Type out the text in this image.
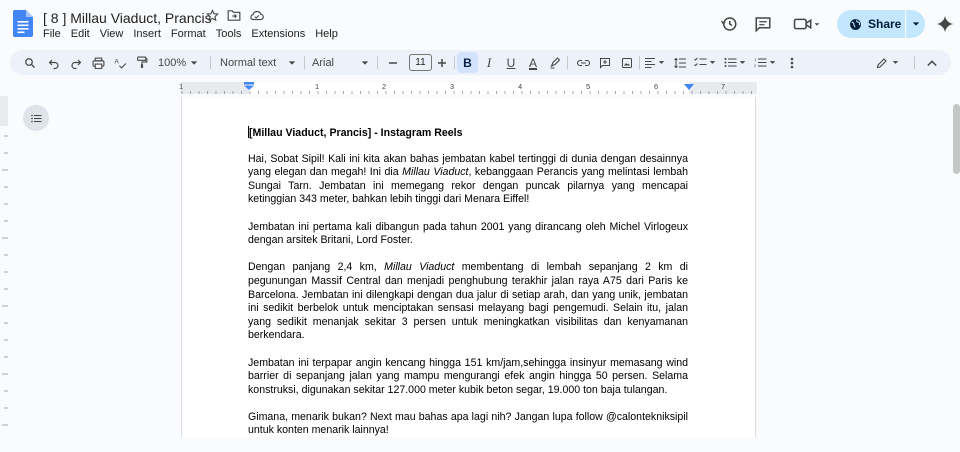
[ 8 ] Millau Viaduct, Prancis
File Edit View Insert Format Tools Extensions Help
Share
A	100%	Normal text	Arial	11	B	I	U	A	1
2
1	1	2	3	4	5	6	7

[Millau Viaduct, Prancis] - Instagram Reels

Hai, Sobat Sipil! Kali ini kita akan bahas jembatan kabel tertinggi di dunia dengan desainnya yang elegan dan megah! Ini dia Millau Viaduct, kebanggaan Perancis yang melintasi lembah Sungai Tarn. Jembatan ini memegang rekor dengan puncak pilarnya yang mencapai ketinggian 343 meter, bahkan lebih tinggi dari Menara Eiffel!

Jembatan ini pertama kali dibangun pada tahun 2001 yang dirancang oleh Michel Virlogeux dengan arsitek Britani, Lord Foster.

Dengan panjang 2,4 km, Millau Viaduct membentang di lembah sepanjang 2 km di pegunungan Massif Central dan menjadi penghubung terakhir jalan raya A75 dari Paris ke Barcelona. Jembatan ini dilengkapi dengan dua jalur di setiap arah, dan yang unik, jembatan ini sedikit berbelok untuk menciptakan sensasi melayang bagi pengemudi. Selain itu, jalan yang sedikit menanjak sekitar 3 persen untuk meningkatkan visibilitas dan kenyamanan berkendara.

Jembatan ini terpapar angin kencang hingga 151 km/jam,sehingga insinyur memasang wind barrier di sepanjang jalan yang mampu mengurangi efek angin hingga 50 persen. Selama konstruksi, digunakan sekitar 127.000 meter kubik beton segar, 19.000 ton baja tulangan.

Gimana, menarik bukan? Next mau bahas apa lagi nih? Jangan lupa follow @calontekniksipil untuk konten menarik lainnya!
